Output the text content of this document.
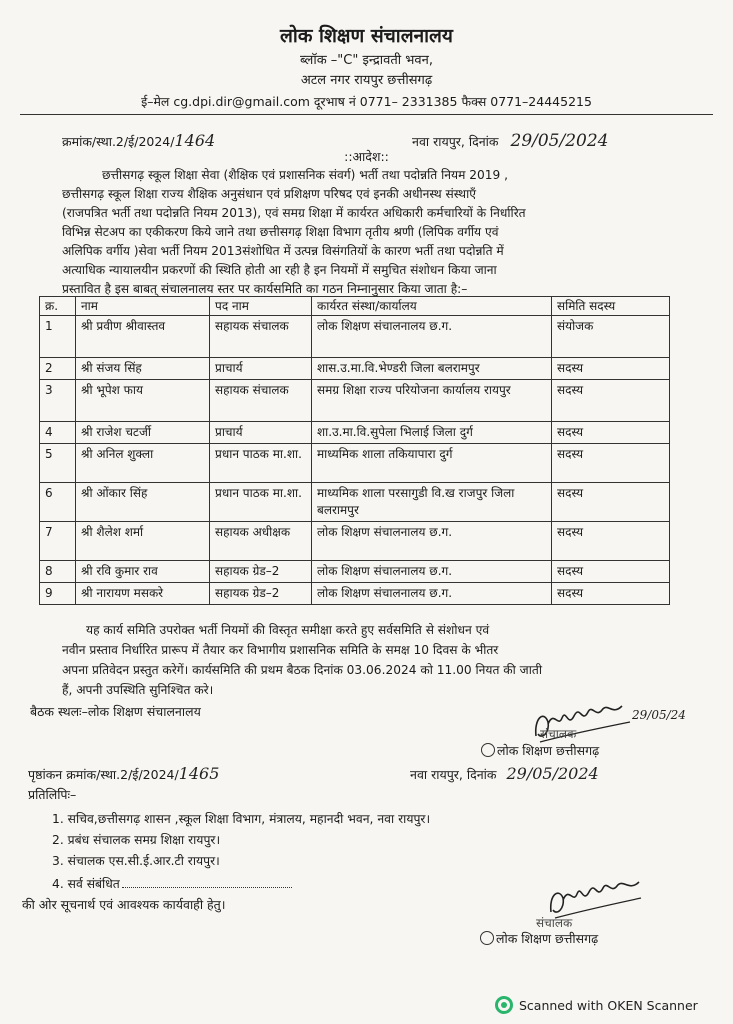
लोक शिक्षण संचालनालय
ब्लॉक –"C" इन्द्रावती भवन,
अटल नगर रायपुर छत्तीसगढ़
ई–मेल cg.dpi.dir@gmail.com दूरभाष नं 0771– 2331385 फैक्स 0771–24445215
क्रमांक/स्था.2/ई/2024/1464	नवा रायपुर, दिनांक 29/05/2024
::आदेश::
छत्तीसगढ़ स्कूल शिक्षा सेवा (शैक्षिक एवं प्रशासनिक संवर्ग) भर्ती तथा पदोन्नति नियम 2019 ,
छत्तीसगढ़ स्कूल शिक्षा राज्य शैक्षिक अनुसंधान एवं प्रशिक्षण परिषद एवं इनकी अधीनस्थ संस्थाएँ
(राजपत्रित भर्ती तथा पदोन्नति नियम 2013), एवं समग्र शिक्षा में कार्यरत अधिकारी कर्मचारियों के निर्धारित
विभिन्न सेटअप का एकीकरण किये जाने तथा छत्तीसगढ़ शिक्षा विभाग तृतीय श्रणी (लिपिक वर्गीय एवं
अलिपिक वर्गीय )सेवा भर्ती नियम 2013संशोधित में उत्पन्न विसंगतियों के कारण भर्ती तथा पदोन्नति में
अत्याधिक न्यायालयीन प्रकरणों की स्थिति होती आ रही है इन नियमों में समुचित संशोधन किया जाना
प्रस्तावित है इस बाबत् संचालनालय स्तर पर कार्यसमिति का गठन निम्नानुसार किया जाता है:–
क्र.	नाम	पद नाम	कार्यरत संस्था/कार्यालय	समिति सदस्य
1	श्री प्रवीण श्रीवास्तव	सहायक संचालक	लोक शिक्षण संचालनालय छ.ग.	संयोजक
2	श्री संजय सिंह	प्राचार्य	शास.उ.मा.वि.भेण्डरी जिला बलरामपुर	सदस्य
3	श्री भूपेश फाय	सहायक संचालक	समग्र शिक्षा राज्य परियोजना कार्यालय रायपुर	सदस्य
4	श्री राजेश चटर्जी	प्राचार्य	शा.उ.मा.वि.सुपेला भिलाई जिला दुर्ग	सदस्य
5	श्री अनिल शुक्ला	प्रधान पाठक मा.शा.	माध्यमिक शाला तकियापारा दुर्ग	सदस्य
6	श्री ओंकार सिंह	प्रधान पाठक मा.शा.	माध्यमिक शाला परसागुडी वि.ख राजपुर जिला बलरामपुर	सदस्य
7	श्री शैलेश शर्मा	सहायक अधीक्षक	लोक शिक्षण संचालनालय छ.ग.	सदस्य
8	श्री रवि कुमार राव	सहायक ग्रेड–2	लोक शिक्षण संचालनालय छ.ग.	सदस्य
9	श्री नारायण मसकरे	सहायक ग्रेड–2	लोक शिक्षण संचालनालय छ.ग.	सदस्य
यह कार्य समिति उपरोक्त भर्ती नियमों की विस्तृत समीक्षा करते हुए सर्वसमिति से संशोधन एवं
नवीन प्रस्ताव निर्धारित प्रारूप में तैयार कर विभागीय प्रशासनिक समिति के समक्ष 10 दिवस के भीतर
अपना प्रतिवेदन प्रस्तुत करेगें। कार्यसमिति की प्रथम बैठक दिनांक 03.06.2024 को 11.00 नियत की जाती
हैं, अपनी उपस्थिति सुनिश्चित करे।
बैठक स्थलः–लोक शिक्षण संचालनालय	29/05/24
संचालक
लोक शिक्षण छत्तीसगढ़
पृष्ठांकन क्रमांक/स्था.2/ई/2024/1465	नवा रायपुर, दिनांक 29/05/2024
प्रतिलिपिः–
1. सचिव,छत्तीसगढ़ शासन ,स्कूल शिक्षा विभाग, मंत्रालय, महानदी भवन, नवा रायपुर।
2. प्रबंध संचालक समग्र शिक्षा रायपुर।
3. संचालक एस.सी.ई.आर.टी रायपुर।
4. सर्व संबंधित
की ओर सूचनार्थ एवं आवश्यक कार्यवाही हेतु।
संचालक
लोक शिक्षण छत्तीसगढ़
Scanned with OKEN Scanner
